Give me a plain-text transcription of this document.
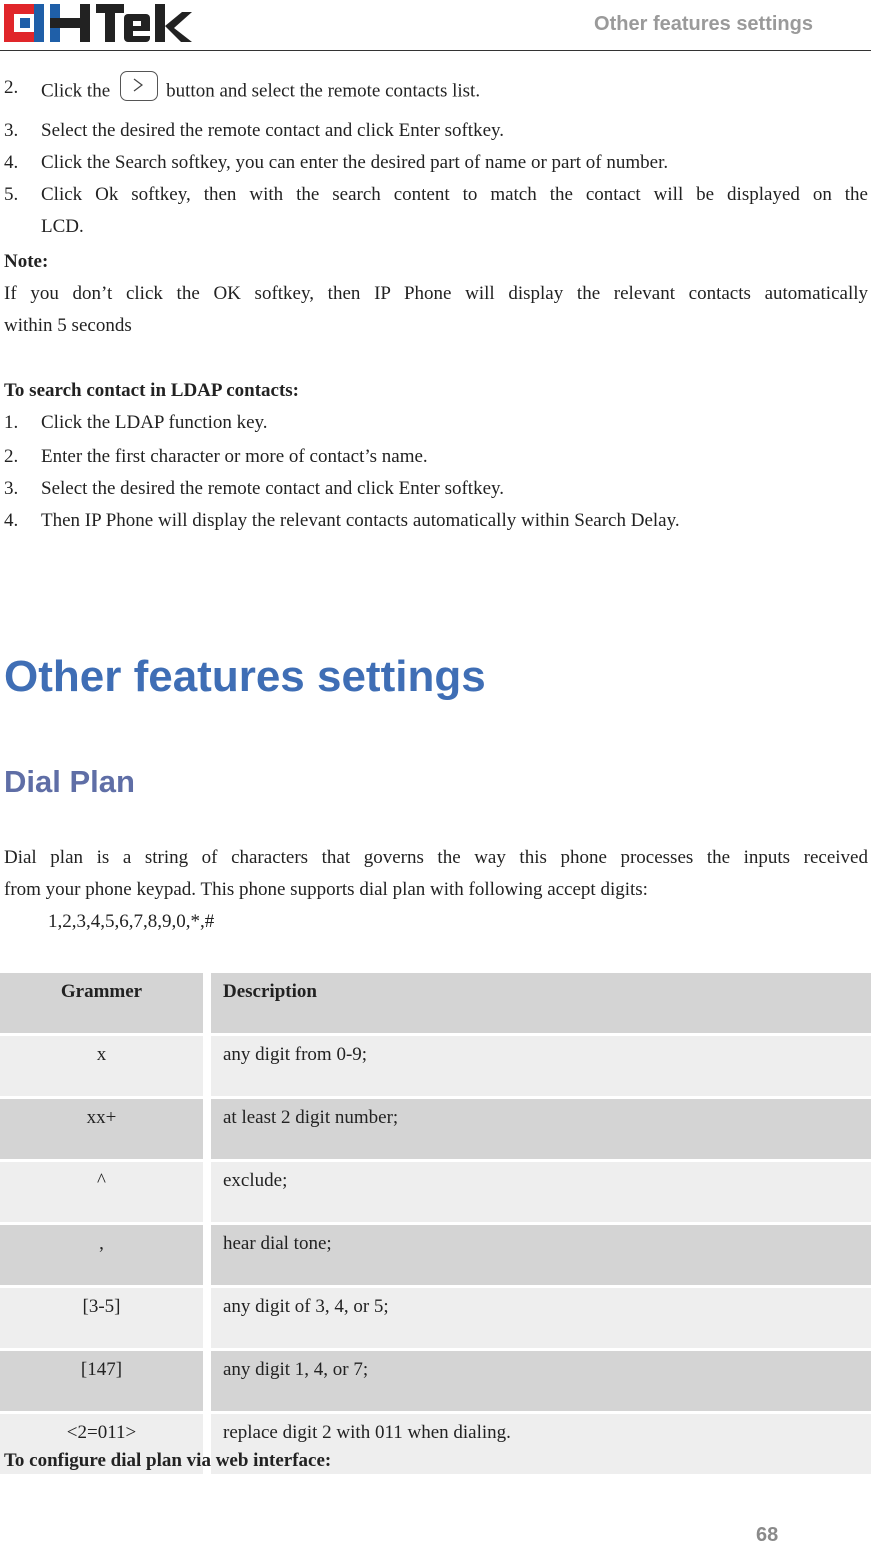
Other features settings
2. Click the	button and select the remote contacts list.
3. Select the desired the remote contact and click Enter softkey.
4. Click the Search softkey, you can enter the desired part of name or part of number.
5. Click Ok softkey, then with the search content to match the contact will be displayed on the
LCD.
Note:
If you don’t click the OK softkey, then IP Phone will display the relevant contacts automatically
within 5 seconds
To search contact in LDAP contacts:
1. Click the LDAP function key.
2. Enter the first character or more of contact’s name.
3. Select the desired the remote contact and click Enter softkey.
4. Then IP Phone will display the relevant contacts automatically within Search Delay.
Other features settings
Dial Plan
Dial plan is a string of characters that governs the way this phone processes the inputs received
from your phone keypad. This phone supports dial plan with following accept digits:
1,2,3,4,5,6,7,8,9,0,*,#
Grammer	Description
x	any digit from 0-9;
xx+	at least 2 digit number;
^	exclude;
,	hear dial tone;
[3-5]	any digit of 3, 4, or 5;
[147]	any digit 1, 4, or 7;
<2=011>	replace digit 2 with 011 when dialing.
To configure dial plan via web interface:
68
